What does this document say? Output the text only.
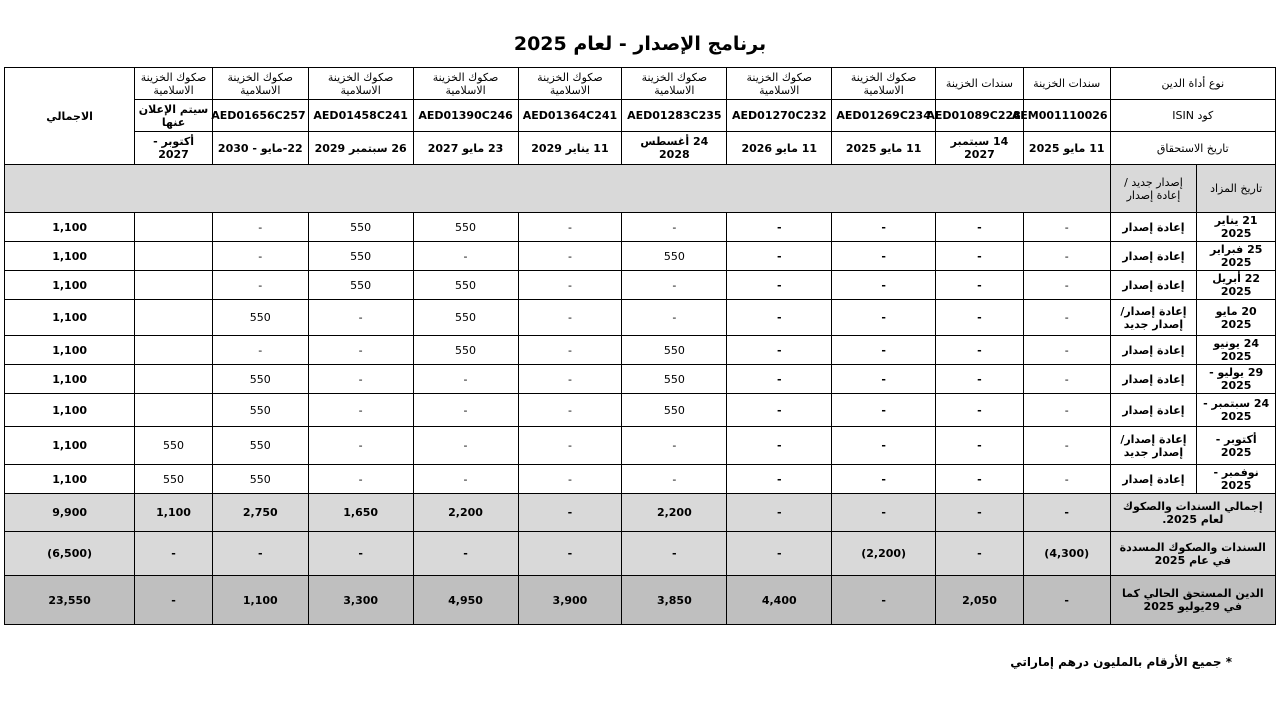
برنامج الإصدار - لعام 2025
نوع أداة الدين		سندات الخزينة	سندات الخزينة	صكوك الخزينة الاسلامية	صكوك الخزينة الاسلامية	صكوك الخزينة الاسلامية	صكوك الخزينة الاسلامية	صكوك الخزينة الاسلامية	صكوك الخزينة الاسلامية	صكوك الخزينة الاسلامية	صكوك الخزينة الاسلامية	الاجمالي
كود ISIN		AEM001110026	AED01089C228	AED01269C234	AED01270C232	AED01283C235	AED01364C241	AED01390C246	AED01458C241	AED01656C257	سيتم الإعلان عنها	
تاريخ الاستحقاق		11 مايو 2025	14 سبتمبر 2027	11 مايو 2025	11 مايو 2026	24 أغسطس 2028	11 يناير 2029	23 مايو 2027	26 سبتمبر 2029	22-مايو - 2030	أكتوبر - 2027	
تاريخ المزاد	إصدار جديد / إعادة إصدار											
21 يناير 2025	إعادة إصدار	-	-	-	-	-	-	550	550	-		1,100
25 فبراير 2025	إعادة إصدار	-	-	-	-	550	-	-	550	-		1,100
22 أبريل 2025	إعادة إصدار	-	-	-	-	-	-	550	550	-		1,100
20 مايو 2025	إعادة إصدار/ إصدار جديد	-	-	-	-	-	-	550	-	550		1,100
24 يونيو 2025	إعادة إصدار	-	-	-	-	550	-	550	-	-		1,100
29 يوليو - 2025	إعادة إصدار	-	-	-	-	550	-	-	-	550		1,100
24 سبتمبر - 2025	إعادة إصدار	-	-	-	-	550	-	-	-	550		1,100
أكتوبر - 2025	إعادة إصدار/ إصدار جديد	-	-	-	-	-	-	-	-	550	550	1,100
نوفمبر - 2025	إعادة إصدار	-	-	-	-	-	-	-	-	550	550	1,100
إجمالي السندات والصكوك لعام 2025.		-	-	-	-	2,200	-	2,200	1,650	2,750	1,100	9,900
السندات والصكوك المسددة في عام 2025		(4,300)	-	(2,200)	-	-	-	-	-	-	-	(6,500)
الدين المستحق الحالي كما في 29يوليو 2025		-	2,050	-	4,400	3,850	3,900	4,950	3,300	1,100	-	23,550
* جميع الأرقام بالمليون درهم إماراتي
